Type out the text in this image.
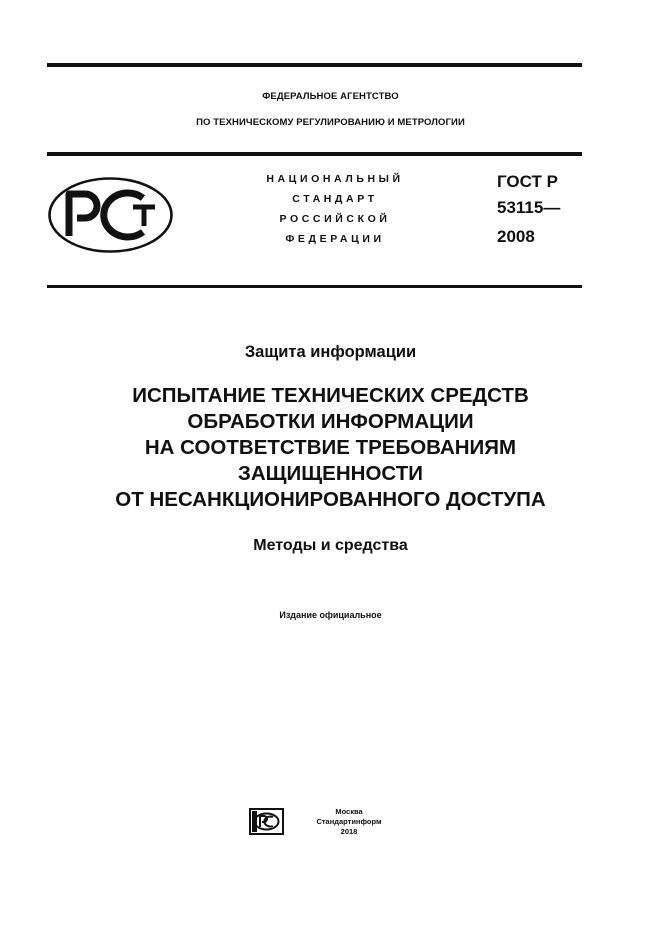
ФЕДЕРАЛЬНОЕ АГЕНТСТВО
ПО ТЕХНИЧЕСКОМУ РЕГУЛИРОВАНИЮ И МЕТРОЛОГИИ
НАЦИОНАЛЬНЫЙ
СТАНДАРТ
РОССИЙСКОЙ
ФЕДЕРАЦИИ
ГОСТ Р
53115—
2008
Защита информации
ИСПЫТАНИЕ ТЕХНИЧЕСКИХ СРЕДСТВ
ОБРАБОТКИ ИНФОРМАЦИИ
НА СООТВЕТСТВИЕ ТРЕБОВАНИЯМ
ЗАЩИЩЕННОСТИ
ОТ НЕСАНКЦИОНИРОВАННОГО ДОСТУПА
Методы и средства
Издание официальное
Москва
Стандартинформ
2018
